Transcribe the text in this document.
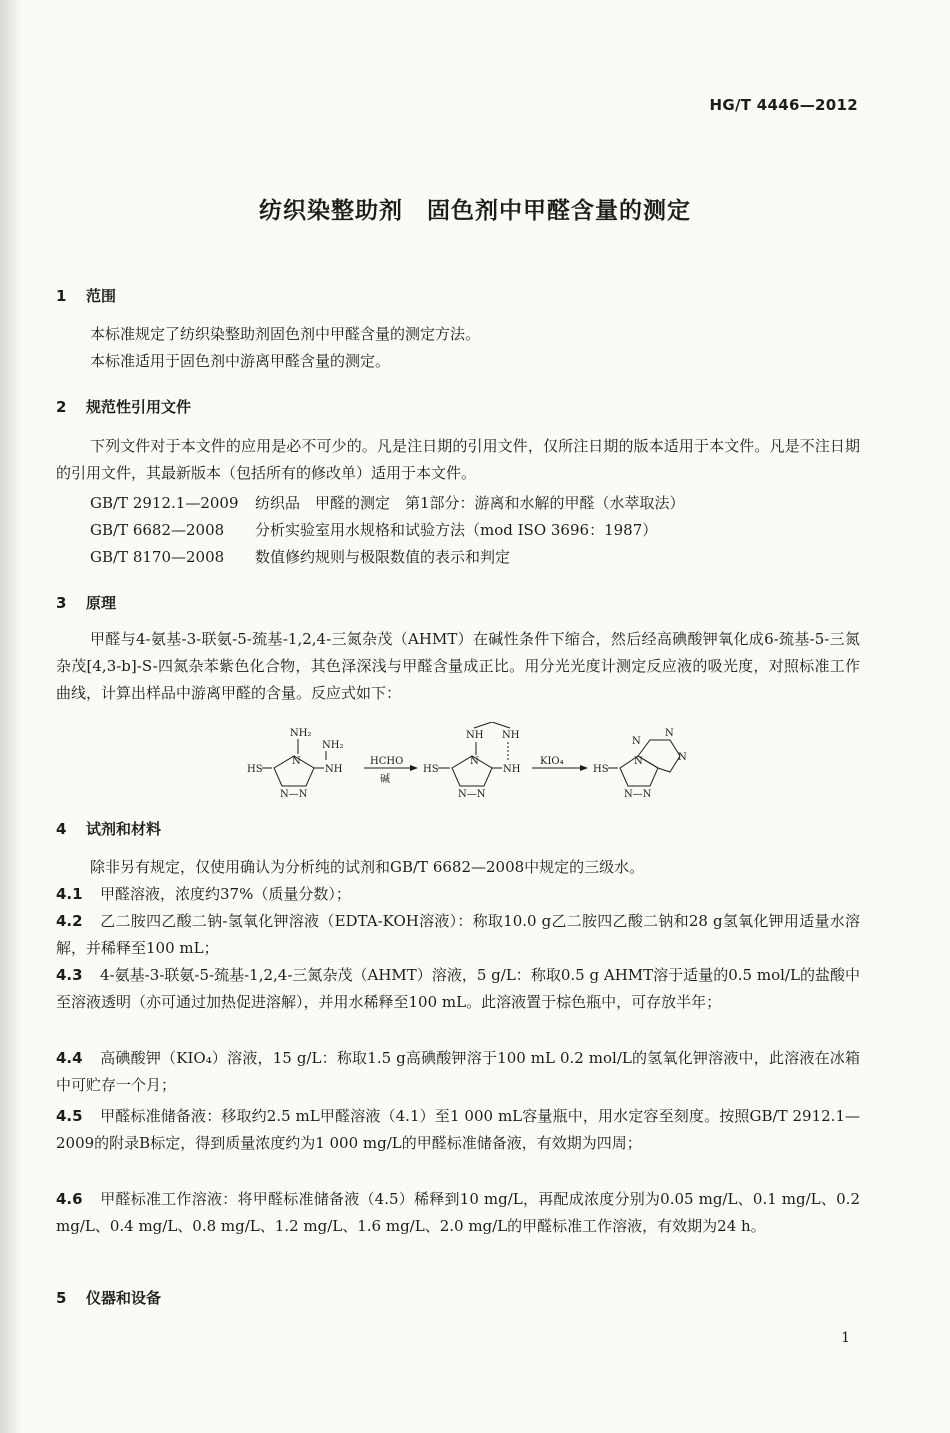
HG/T 4446—2012
纺织染整助剂　固色剂中甲醛含量的测定
1 范围
本标准规定了纺织染整助剂固色剂中甲醛含量的测定方法。
本标准适用于固色剂中游离甲醛含量的测定。
2 规范性引用文件
下列文件对于本文件的应用是必不可少的。凡是注日期的引用文件，仅所注日期的版本适用于本文件。凡是不注日期的引用文件，其最新版本（包括所有的修改单）适用于本文件。
GB/T 2912.1—2009 纺织品　甲醛的测定　第1部分：游离和水解的甲醛（水萃取法）
GB/T 6682—2008 分析实验室用水规格和试验方法（mod ISO 3696：1987）
GB/T 8170—2008 数值修约规则与极限数值的表示和判定
3 原理
甲醛与4-氨基-3-联氨-5-巯基-1,2,4-三氮杂茂（AHMT）在碱性条件下缩合，然后经高碘酸钾氧化成6-巯基-5-三氮杂茂[4,3-b]-S-四氮杂苯紫色化合物，其色泽深浅与甲醛含量成正比。用分光光度计测定反应液的吸光度，对照标准工作曲线，计算出样品中游离甲醛的含量。反应式如下：
NH₂
NH₂
HS
N
NH
N—N
HCHO
碱
NH NH
HS
N
NH
N—N
KIO₄
HS
N
N
N
N
N—N
4 试剂和材料
除非另有规定，仅使用确认为分析纯的试剂和GB/T 6682—2008中规定的三级水。
4.1 甲醛溶液，浓度约37%（质量分数）；
4.2 乙二胺四乙酸二钠-氢氧化钾溶液（EDTA-KOH溶液）：称取10.0 g乙二胺四乙酸二钠和28 g氢氧化钾用适量水溶解，并稀释至100 mL；
4.3 4-氨基-3-联氨-5-巯基-1,2,4-三氮杂茂（AHMT）溶液，5 g/L：称取0.5 g AHMT溶于适量的0.5 mol/L的盐酸中至溶液透明（亦可通过加热促进溶解），并用水稀释至100 mL。此溶液置于棕色瓶中，可存放半年；
4.4 高碘酸钾（KIO₄）溶液，15 g/L：称取1.5 g高碘酸钾溶于100 mL 0.2 mol/L的氢氧化钾溶液中，此溶液在冰箱中可贮存一个月；
4.5 甲醛标准储备液：移取约2.5 mL甲醛溶液（4.1）至1 000 mL容量瓶中，用水定容至刻度。按照GB/T 2912.1—2009的附录B标定，得到质量浓度约为1 000 mg/L的甲醛标准储备液，有效期为四周；
4.6 甲醛标准工作溶液：将甲醛标准储备液（4.5）稀释到10 mg/L，再配成浓度分别为0.05 mg/L、0.1 mg/L、0.2 mg/L、0.4 mg/L、0.8 mg/L、1.2 mg/L、1.6 mg/L、2.0 mg/L的甲醛标准工作溶液，有效期为24 h。
5 仪器和设备
1
